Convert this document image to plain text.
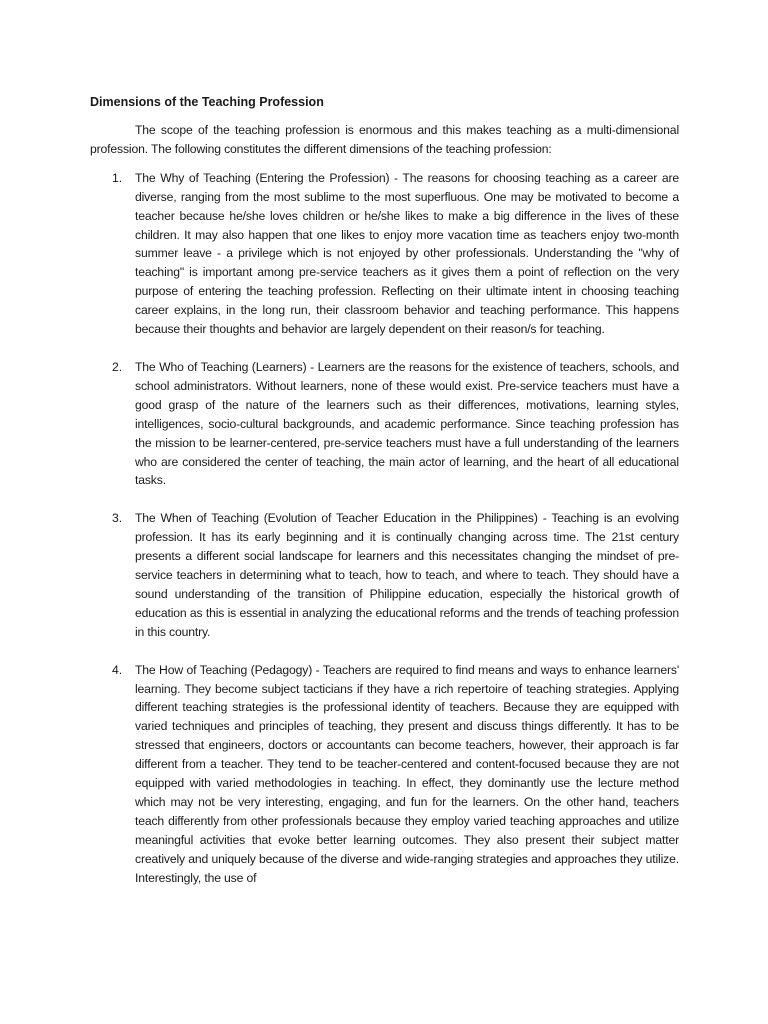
Dimensions of the Teaching Profession

The scope of the teaching profession is enormous and this makes teaching as a multi-dimensional profession. The following constitutes the different dimensions of the teaching profession:

1. The Why of Teaching (Entering the Profession) - The reasons for choosing teaching as a career are diverse, ranging from the most sublime to the most superfluous. One may be motivated to become a teacher because he/she loves children or he/she likes to make a big difference in the lives of these children. It may also happen that one likes to enjoy more vacation time as teachers enjoy two-month summer leave - a privilege which is not enjoyed by other professionals. Understanding the "why of teaching" is important among pre-service teachers as it gives them a point of reflection on the very purpose of entering the teaching profession. Reflecting on their ultimate intent in choosing teaching career explains, in the long run, their classroom behavior and teaching performance. This happens because their thoughts and behavior are largely dependent on their reason/s for teaching.

2. The Who of Teaching (Learners) - Learners are the reasons for the existence of teachers, schools, and school administrators. Without learners, none of these would exist. Pre-service teachers must have a good grasp of the nature of the learners such as their differences, motivations, learning styles, intelligences, socio-cultural backgrounds, and academic performance. Since teaching profession has the mission to be learner-centered, pre-service teachers must have a full understanding of the learners who are considered the center of teaching, the main actor of learning, and the heart of all educational tasks.

3. The When of Teaching (Evolution of Teacher Education in the Philippines) - Teaching is an evolving profession. It has its early beginning and it is continually changing across time. The 21st century presents a different social landscape for learners and this necessitates changing the mindset of pre-service teachers in determining what to teach, how to teach, and where to teach. They should have a sound understanding of the transition of Philippine education, especially the historical growth of education as this is essential in analyzing the educational reforms and the trends of teaching profession in this country.

4. The How of Teaching (Pedagogy) - Teachers are required to find means and ways to enhance learners' learning. They become subject tacticians if they have a rich repertoire of teaching strategies. Applying different teaching strategies is the professional identity of teachers. Because they are equipped with varied techniques and principles of teaching, they present and discuss things differently. It has to be stressed that engineers, doctors or accountants can become teachers, however, their approach is far different from a teacher. They tend to be teacher-centered and content-focused because they are not equipped with varied methodologies in teaching. In effect, they dominantly use the lecture method which may not be very interesting, engaging, and fun for the learners. On the other hand, teachers teach differently from other professionals because they employ varied teaching approaches and utilize meaningful activities that evoke better learning outcomes. They also present their subject matter creatively and uniquely because of the diverse and wide-ranging strategies and approaches they utilize. Interestingly, the use of
